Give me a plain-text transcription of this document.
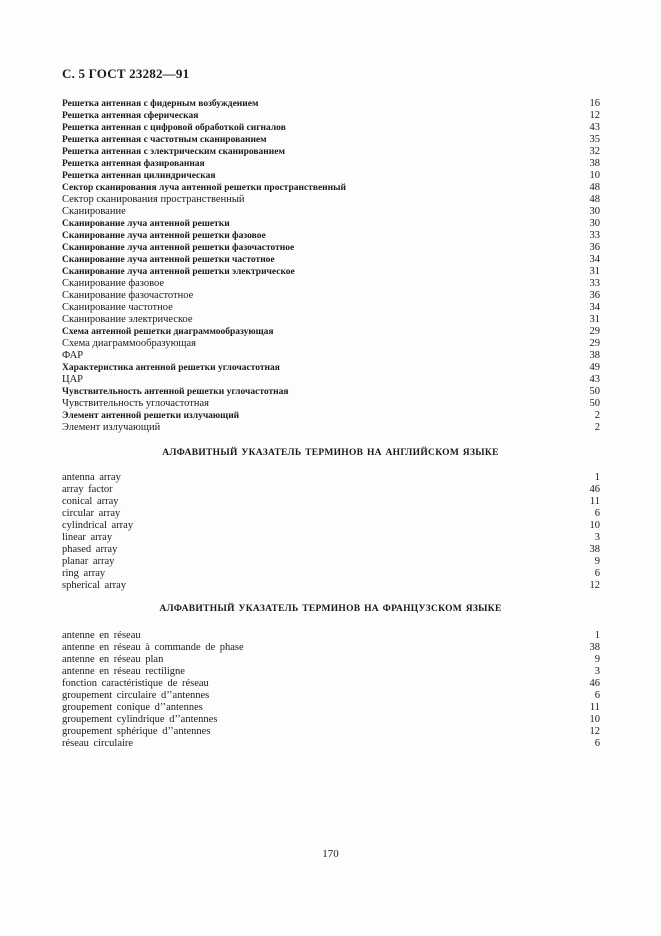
С. 5 ГОСТ 23282—91
Решетка антенная с фидерным возбуждением	16
Решетка антенная сферическая	12
Решетка антенная с цифровой обработкой сигналов	43
Решетка антенная с частотным сканированием	35
Решетка антенная с электрическим сканированием	32
Решетка антенная фазированная	38
Решетка антенная цилиндрическая	10
Сектор сканирования луча антенной решетки пространственный	48
Сектор сканирования пространственный	48
Сканирование	30
Сканирование луча антенной решетки	30
Сканирование луча антенной решетки фазовое	33
Сканирование луча антенной решетки фазочастотное	36
Сканирование луча антенной решетки частотное	34
Сканирование луча антенной решетки электрическое	31
Сканирование фазовое	33
Сканирование фазочастотное	36
Сканирование частотное	34
Сканирование электрическое	31
Схема антенной решетки диаграммообразующая	29
Схема диаграммообразующая	29
ФАР	38
Характеристика антенной решетки углочастотная	49
ЦАР	43
Чувствительность антенной решетки углочастотная	50
Чувствительность углочастотная	50
Элемент антенной решетки излучающий	2
Элемент излучающий	2
АЛФАВИТНЫЙ УКАЗАТЕЛЬ ТЕРМИНОВ НА АНГЛИЙСКОМ ЯЗЫКЕ
antenna array	1
array factor	46
conical array	11
circular array	6
cylindrical array	10
linear array	3
phased array	38
planar array	9
ring array	6
spherical array	12
АЛФАВИТНЫЙ УКАЗАТЕЛЬ ТЕРМИНОВ НА ФРАНЦУЗСКОМ ЯЗЫКЕ
antenne en réseau	1
antenne en réseau à commande de phase	38
antenne en réseau plan	9
antenne en réseau rectiligne	3
fonction caractéristique de réseau	46
groupement circulaire d’’antennes	6
groupement conique d’’antennes	11
groupement cylindrique d’’antennes	10
groupement sphérique d’’antennes	12
réseau circulaire	6
170
